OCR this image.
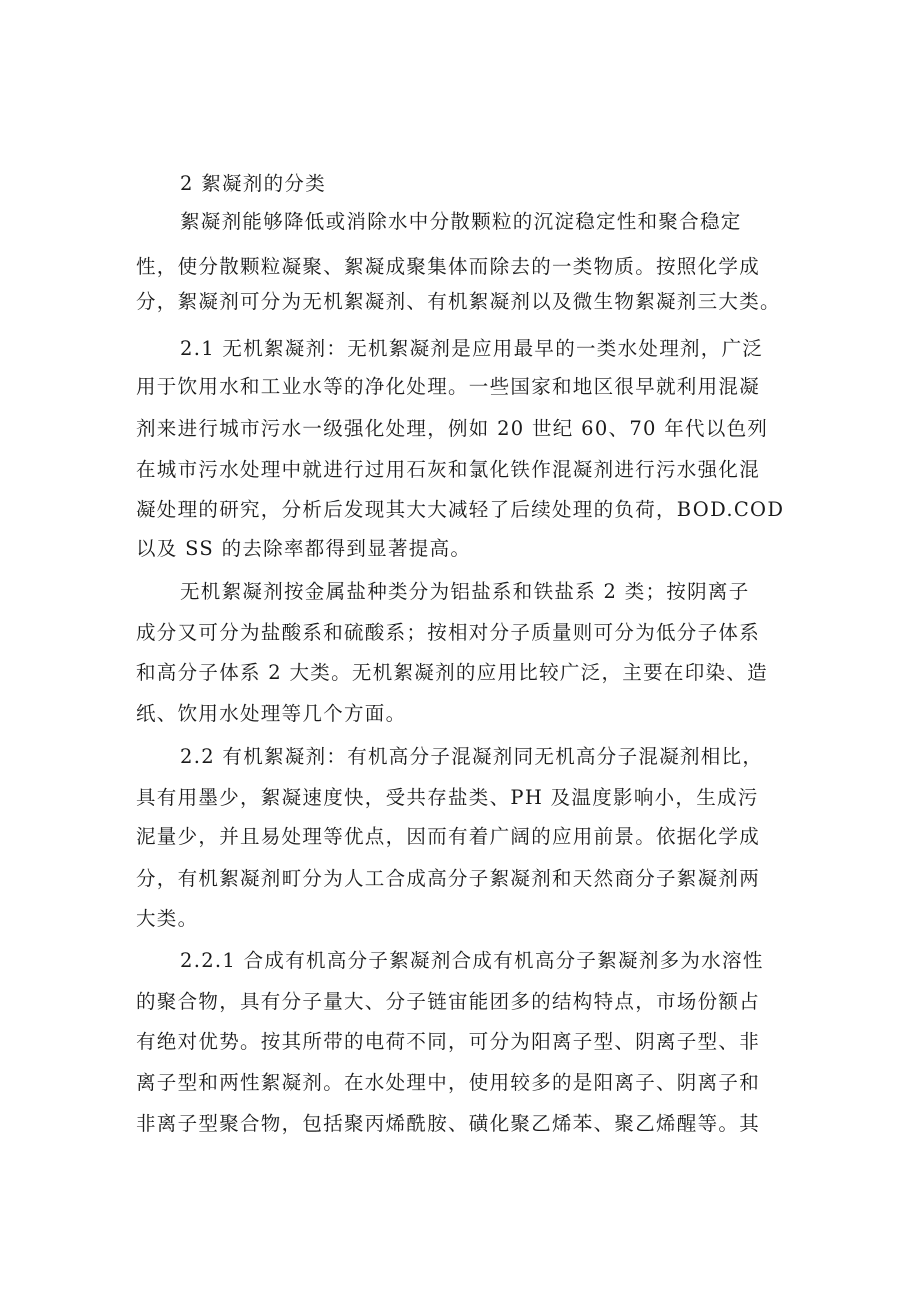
2 絮凝剂的分类
絮凝剂能够降低或消除水中分散颗粒的沉淀稳定性和聚合稳定
性，使分散颗粒凝聚、絮凝成聚集体而除去的一类物质。按照化学成
分，絮凝剂可分为无机絮凝剂、有机絮凝剂以及微生物絮凝剂三大类。
2.1 无机絮凝剂：无机絮凝剂是应用最早的一类水处理剂，广泛
用于饮用水和工业水等的净化处理。一些国家和地区很早就利用混凝
剂来进行城市污水一级强化处理，例如 20 世纪 60、70 年代以色列
在城市污水处理中就进行过用石灰和氯化铁作混凝剂进行污水强化混
凝处理的研究，分析后发现其大大减轻了后续处理的负荷，BOD.COD
以及 SS 的去除率都得到显著提高。
无机絮凝剂按金属盐种类分为铝盐系和铁盐系 2 类；按阴离子
成分又可分为盐酸系和硫酸系；按相对分子质量则可分为低分子体系
和高分子体系 2 大类。无机絮凝剂的应用比较广泛，主要在印染、造
纸、饮用水处理等几个方面。
2.2 有机絮凝剂：有机高分子混凝剂同无机高分子混凝剂相比，
具有用墨少，絮凝速度快，受共存盐类、PH 及温度影响小，生成污
泥量少，并且易处理等优点，因而有着广阔的应用前景。依据化学成
分，有机絮凝剂町分为人工合成高分子絮凝剂和天然商分子絮凝剂两
大类。
2.2.1 合成有机高分子絮凝剂合成有机高分子絮凝剂多为水溶性
的聚合物，具有分子量大、分子链宙能团多的结构特点，市场份额占
有绝对优势。按其所带的电荷不同，可分为阳离子型、阴离子型、非
离子型和两性絮凝剂。在水处理中，使用较多的是阳离子、阴离子和
非离子型聚合物，包括聚丙烯酰胺、磺化聚乙烯苯、聚乙烯醒等。其
